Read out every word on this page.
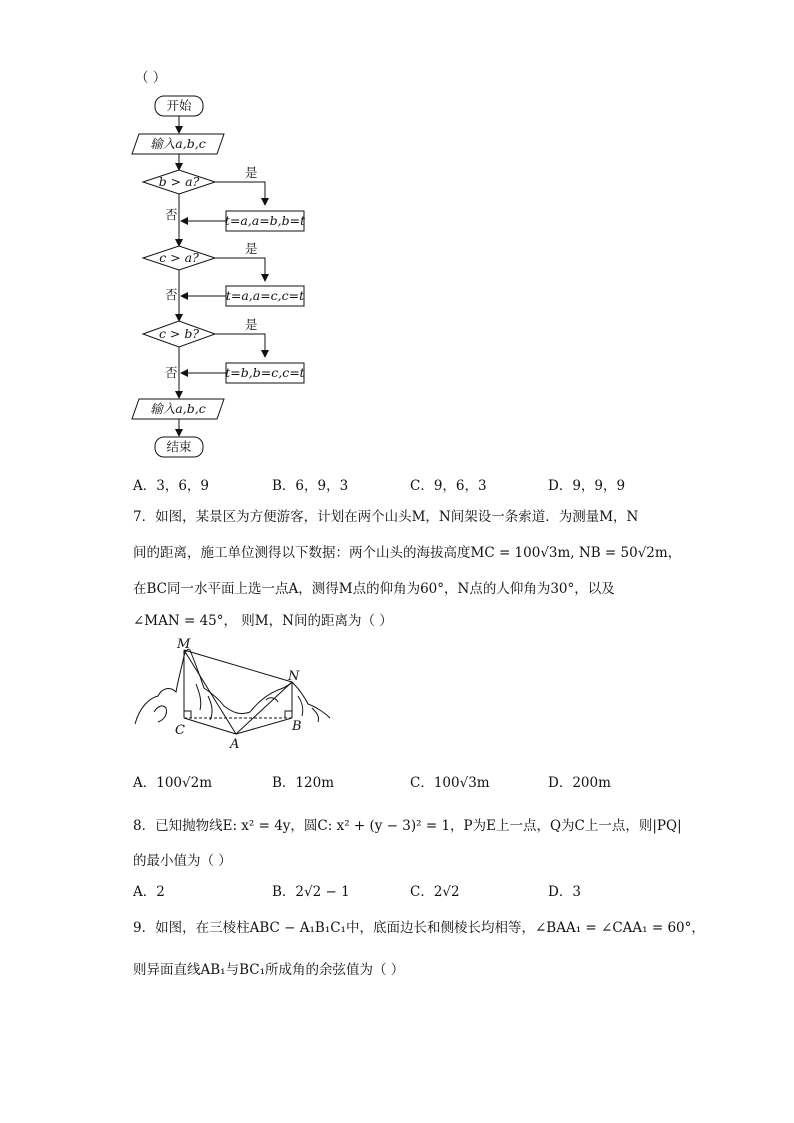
（ ）
开始
输入a,b,c
b > a?
t=a,a=b,b=t
c > a?
t=a,a=c,c=t
c > b?
t=b,b=c,c=t
输入a,b,c
结束
是
否
是
否
是
否
A．3，6，9	B．6，9，3	C．9，6，3	D．9，9，9
7．如图，某景区为方便游客，计划在两个山头M，N间架设一条索道．为测量M，N
间的距离，施工单位测得以下数据：两个山头的海拔高度MC = 100√3m, NB = 50√2m，
在BC同一水平面上选一点A，测得M点的仰角为60°，N点的人仰角为30°，以及
∠MAN = 45°， 则M，N间的距离为（ ）
M
N
C
A
B
A．100√2m	B．120m	C．100√3m	D．200m
8．已知抛物线E: x² = 4y，圆C: x² + (y − 3)² = 1，P为E上一点，Q为C上一点，则|PQ|
的最小值为（ ）
A．2	B．2√2 − 1	C．2√2	D．3
9．如图，在三棱柱ABC − A₁B₁C₁中，底面边长和侧棱长均相等，∠BAA₁ = ∠CAA₁ = 60°，
则异面直线AB₁与BC₁所成角的余弦值为（ ）
